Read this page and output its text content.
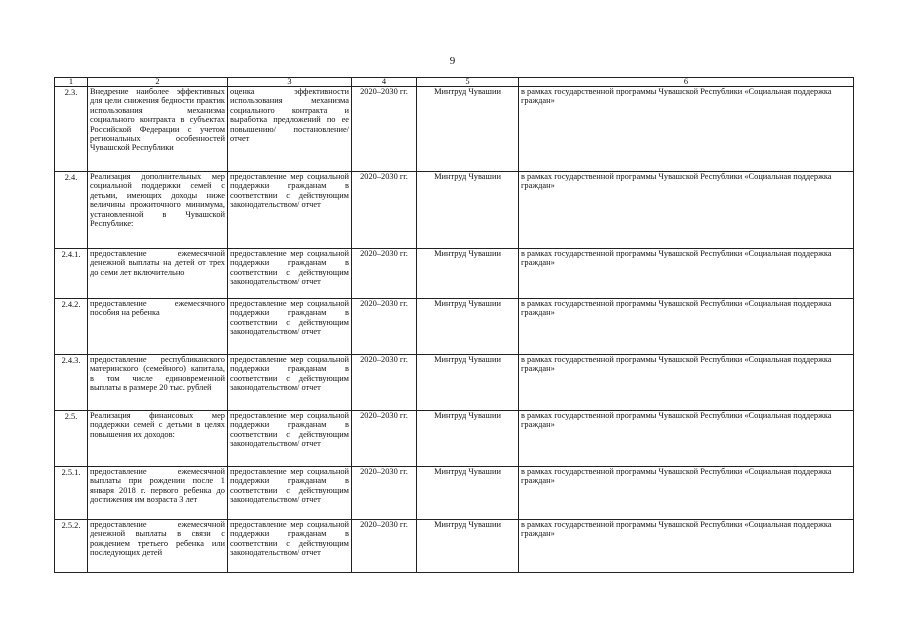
9
1	2	3	4	5	6
2.3.	Внедрение наиболее эффективных для цели снижения бедности практик использования механизма социального контракта в субъектах Российской Федерации с учетом региональных особенностей Чувашской Республики	оценка эффективности использования механизма социального контракта и выработка предложений по ее повышению/ постановление/ отчет	2020–2030 гг.	Минтруд Чувашии	в рамках государственной программы Чувашской Республики «Социальная поддержка граждан»
2.4.	Реализация дополнительных мер социальной поддержки семей с детьми, имеющих доходы ниже величины прожиточного минимума, установленной в Чувашской Республике:	предоставление мер социальной поддержки гражданам в соответствии с действующим законодательством/ отчет	2020–2030 гг.	Минтруд Чувашии	в рамках государственной программы Чувашской Республики «Социальная поддержка граждан»
2.4.1.	предоставление ежемесячной денежной выплаты на детей от трех до семи лет включительно	предоставление мер социальной поддержки гражданам в соответствии с действующим законодательством/ отчет	2020–2030 гг.	Минтруд Чувашии	в рамках государственной программы Чувашской Республики «Социальная поддержка граждан»
2.4.2.	предоставление ежемесячного пособия на ребенка	предоставление мер социальной поддержки гражданам в соответствии с действующим законодательством/ отчет	2020–2030 гг.	Минтруд Чувашии	в рамках государственной программы Чувашской Республики «Социальная поддержка граждан»
2.4.3.	предоставление республиканского материнского (семейного) капитала, в том числе единовременной выплаты в размере 20 тыс. рублей	предоставление мер социальной поддержки гражданам в соответствии с действующим законодательством/ отчет	2020–2030 гг.	Минтруд Чувашии	в рамках государственной программы Чувашской Республики «Социальная поддержка граждан»
2.5.	Реализация финансовых мер поддержки семей с детьми в целях повышения их доходов:	предоставление мер социальной поддержки гражданам в соответствии с действующим законодательством/ отчет	2020–2030 гг.	Минтруд Чувашии	в рамках государственной программы Чувашской Республики «Социальная поддержка граждан»
2.5.1.	предоставление ежемесячной выплаты при рождении после 1 января 2018 г. первого ребенка до достижения им возраста 3 лет	предоставление мер социальной поддержки гражданам в соответствии с действующим законодательством/ отчет	2020–2030 гг.	Минтруд Чувашии	в рамках государственной программы Чувашской Республики «Социальная поддержка граждан»
2.5.2.	предоставление ежемесячной денежной выплаты в связи с рождением третьего ребенка или последующих детей	предоставление мер социальной поддержки гражданам в соответствии с действующим законодательством/ отчет	2020–2030 гг.	Минтруд Чувашии	в рамках государственной программы Чувашской Республики «Социальная поддержка граждан»
